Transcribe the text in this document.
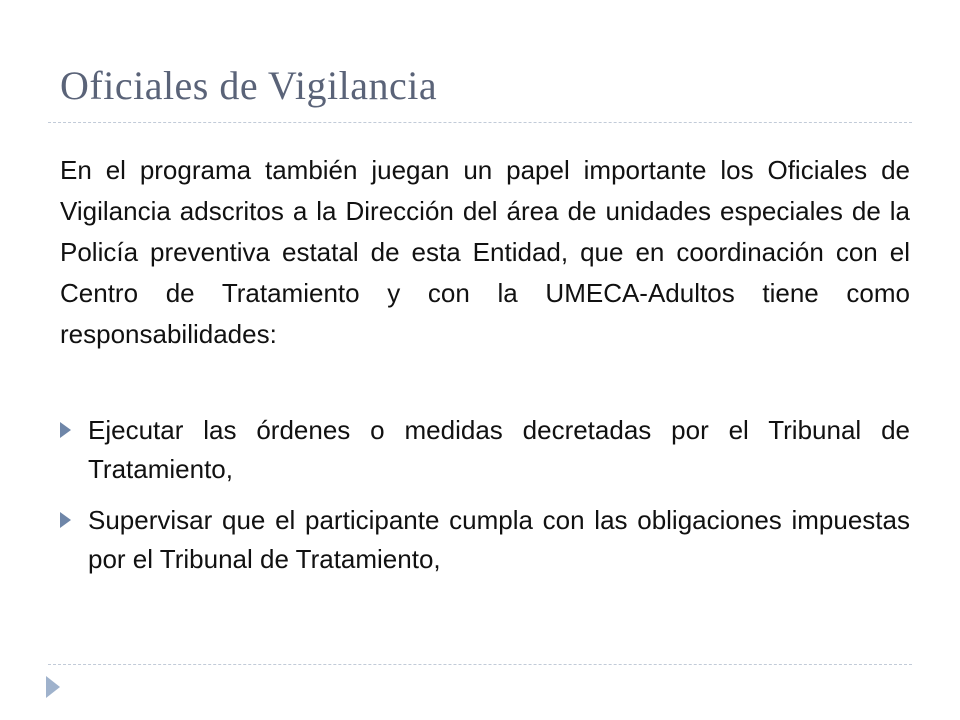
Oficiales de Vigilancia

En el programa también juegan un papel importante los Oficiales de Vigilancia adscritos a la Dirección del área de unidades especiales de la Policía preventiva estatal de esta Entidad, que en coordinación con el Centro de Tratamiento y con la UMECA-Adultos tiene como responsabilidades:

Ejecutar las órdenes o medidas decretadas por el Tribunal de Tratamiento,
Supervisar que el participante cumpla con las obligaciones impuestas por el Tribunal de Tratamiento,
